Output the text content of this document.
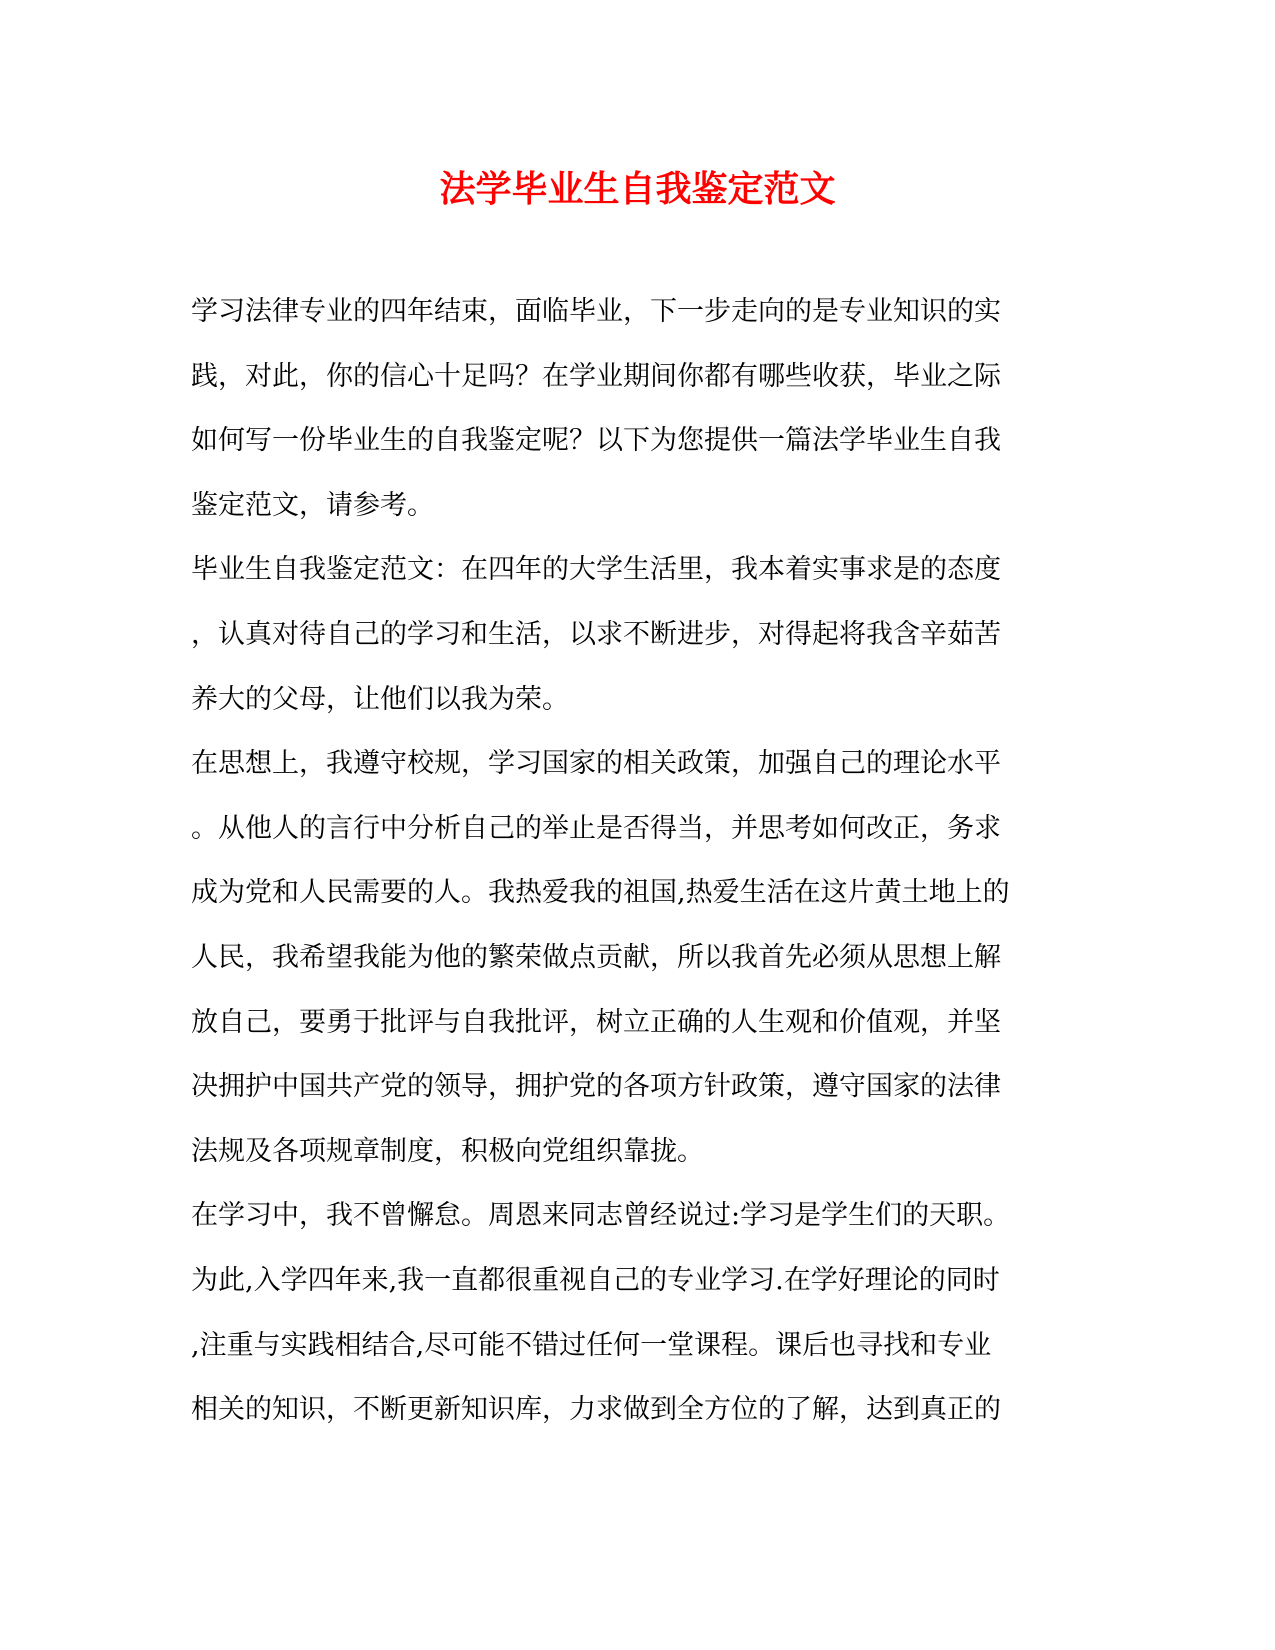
法学毕业生自我鉴定范文
学习法律专业的四年结束，面临毕业，下一步走向的是专业知识的实
践，对此，你的信心十足吗？在学业期间你都有哪些收获，毕业之际
如何写一份毕业生的自我鉴定呢？以下为您提供一篇法学毕业生自我
鉴定范文，请参考。
毕业生自我鉴定范文：在四年的大学生活里，我本着实事求是的态度
，认真对待自己的学习和生活，以求不断进步，对得起将我含辛茹苦
养大的父母，让他们以我为荣。
在思想上，我遵守校规，学习国家的相关政策，加强自己的理论水平
。从他人的言行中分析自己的举止是否得当，并思考如何改正，务求
成为党和人民需要的人。我热爱我的祖国,热爱生活在这片黄土地上的
人民，我希望我能为他的繁荣做点贡献，所以我首先必须从思想上解
放自己，要勇于批评与自我批评，树立正确的人生观和价值观，并坚
决拥护中国共产党的领导，拥护党的各项方针政策，遵守国家的法律
法规及各项规章制度，积极向党组织靠拢。
在学习中，我不曾懈怠。周恩来同志曾经说过:学习是学生们的天职。
为此,入学四年来,我一直都很重视自己的专业学习.在学好理论的同时
,注重与实践相结合,尽可能不错过任何一堂课程。课后也寻找和专业
相关的知识，不断更新知识库，力求做到全方位的了解，达到真正的
